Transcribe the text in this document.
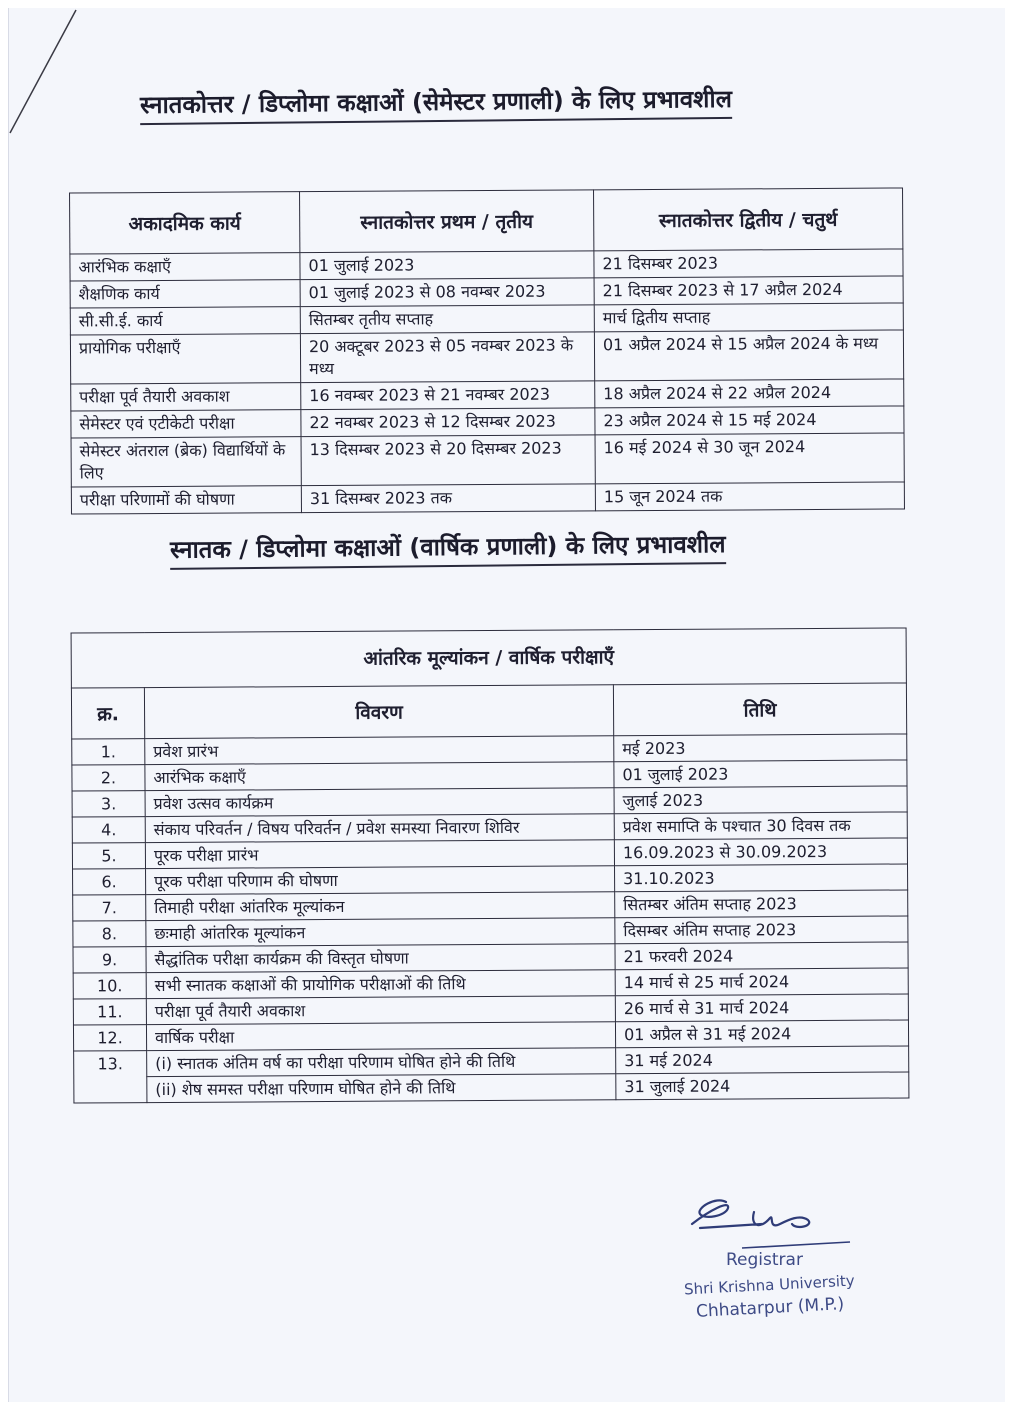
स्नातकोत्तर / डिप्लोमा कक्षाओं (सेमेस्टर प्रणाली) के लिए प्रभावशील
अकादमिक कार्य	स्नातकोत्तर प्रथम / तृतीय	स्नातकोत्तर द्वितीय / चतुर्थ
आरंभिक कक्षाएँ	01 जुलाई 2023	21 दिसम्बर 2023
शैक्षणिक कार्य	01 जुलाई 2023 से 08 नवम्बर 2023	21 दिसम्बर 2023 से 17 अप्रैल 2024
सी.सी.ई. कार्य	सितम्बर तृतीय सप्ताह	मार्च द्वितीय सप्ताह
प्रायोगिक परीक्षाएँ	20 अक्टूबर 2023 से 05 नवम्बर 2023 के मध्य	01 अप्रैल 2024 से 15 अप्रैल 2024 के मध्य
परीक्षा पूर्व तैयारी अवकाश	16 नवम्बर 2023 से 21 नवम्बर 2023	18 अप्रैल 2024 से 22 अप्रैल 2024
सेमेस्टर एवं एटीकेटी परीक्षा	22 नवम्बर 2023 से 12 दिसम्बर 2023	23 अप्रैल 2024 से 15 मई 2024
सेमेस्टर अंतराल (ब्रेक) विद्यार्थियों के लिए	13 दिसम्बर 2023 से 20 दिसम्बर 2023	16 मई 2024 से 30 जून 2024
परीक्षा परिणामों की घोषणा	31 दिसम्बर 2023 तक	15 जून 2024 तक
स्नातक / डिप्लोमा कक्षाओं (वार्षिक प्रणाली) के लिए प्रभावशील
आंतरिक मूल्यांकन / वार्षिक परीक्षाएँ		
क्र.	विवरण	तिथि
1.	प्रवेश प्रारंभ	मई 2023
2.	आरंभिक कक्षाएँ	01 जुलाई 2023
3.	प्रवेश उत्सव कार्यक्रम	जुलाई 2023
4.	संकाय परिवर्तन / विषय परिवर्तन / प्रवेश समस्या निवारण शिविर	प्रवेश समाप्ति के पश्चात 30 दिवस तक
5.	पूरक परीक्षा प्रारंभ	16.09.2023 से 30.09.2023
6.	पूरक परीक्षा परिणाम की घोषणा	31.10.2023
7.	तिमाही परीक्षा आंतरिक मूल्यांकन	सितम्बर अंतिम सप्ताह 2023
8.	छःमाही आंतरिक मूल्यांकन	दिसम्बर अंतिम सप्ताह 2023
9.	सैद्धांतिक परीक्षा कार्यक्रम की विस्तृत घोषणा	21 फरवरी 2024
10.	सभी स्नातक कक्षाओं की प्रायोगिक परीक्षाओं की तिथि	14 मार्च से 25 मार्च 2024
11.	परीक्षा पूर्व तैयारी अवकाश	26 मार्च से 31 मार्च 2024
12.	वार्षिक परीक्षा	01 अप्रैल से 31 मई 2024
13.	(i) स्नातक अंतिम वर्ष का परीक्षा परिणाम घोषित होने की तिथि	31 मई 2024
	(ii) शेष समस्त परीक्षा परिणाम घोषित होने की तिथि	31 जुलाई 2024
Registrar
Shri Krishna University
Chhatarpur (M.P.)
